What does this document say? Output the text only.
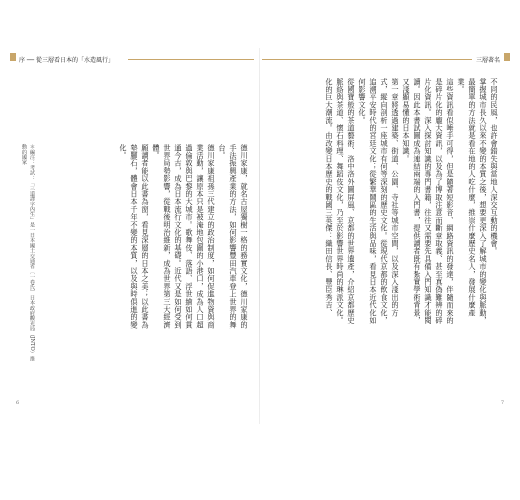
序 ── 從三層看日本的「水造風行」

德川家康，就名古屋獨樹一格的務實文化，德川家康的手法振興產業的方法，如何影響豐田汽車登上世界的舞台。

德川家康祖孫三代建立的政治制度，如何促進物資與商業活動，讓原本只是被淹地包圍的小港口，成為人口超過倫敦與巴黎的大城市。歌舞伎、落語、浮世繪如何貫通今古，成為日本流行文化的基礎。近代又是如何受到世界局勢影響，從戰後明治維新，成為世界第三大經濟體。

願讀者能以此書為窗，看見深層的日本之美；以此書為墊腳石，體會日本千年不變的本質，以及與時俱進的變化。

＊編注：考試：「三道譯字內生」是一日本國土交通省〔一卷氏〕日本政府觀光局（JNTO）推動的國家
6
三層著名

不同的民風，也許會錯失與當地人深交互動的機會。

掌握城市長久以來不變的本質之後，想要更深入了解城市的變化與脈動，最簡單的方法就是看在地的人吃什麼，推崇什麼歷史名人，發展什麼產業。

這些資訊看似唾手可得，但是隨著短影音、網路資訊的發達，伴隨而來的是碎片化的龐大資訊，以及為了博取注意而斷章取義、甚至真偽難辨的碎片化資訊。深入探討知識的專門書籍，往往又需要先具備入門知識才能閱讀。因此本書試圖成為連結兩端的入門書，提供讀者既有紮實學術背景，又淺顯易懂的日本知識。

第一章將透過建築、街道、公園、寺社等城市空間，以及深入淺出的方式，縱向剖析一座城市有何等深刻的歷史文化。從現代京都的飲食文化，追溯平安時代的宮廷文化；從繁華鬧區的生活與品味，看見日本近代化如何影響文化。

從國寶般的茶道藝術、洛中洛外圖屏風、京都的世界遺產，介紹京都歷史脈絡與茶道、懷石料理、舞蹈伎文化，乃至於影響世界時尚的琳派文化。

化的巨大潮流。由改變日本歷史的戰國三英傑：織田信長、豐臣秀吉、

7
